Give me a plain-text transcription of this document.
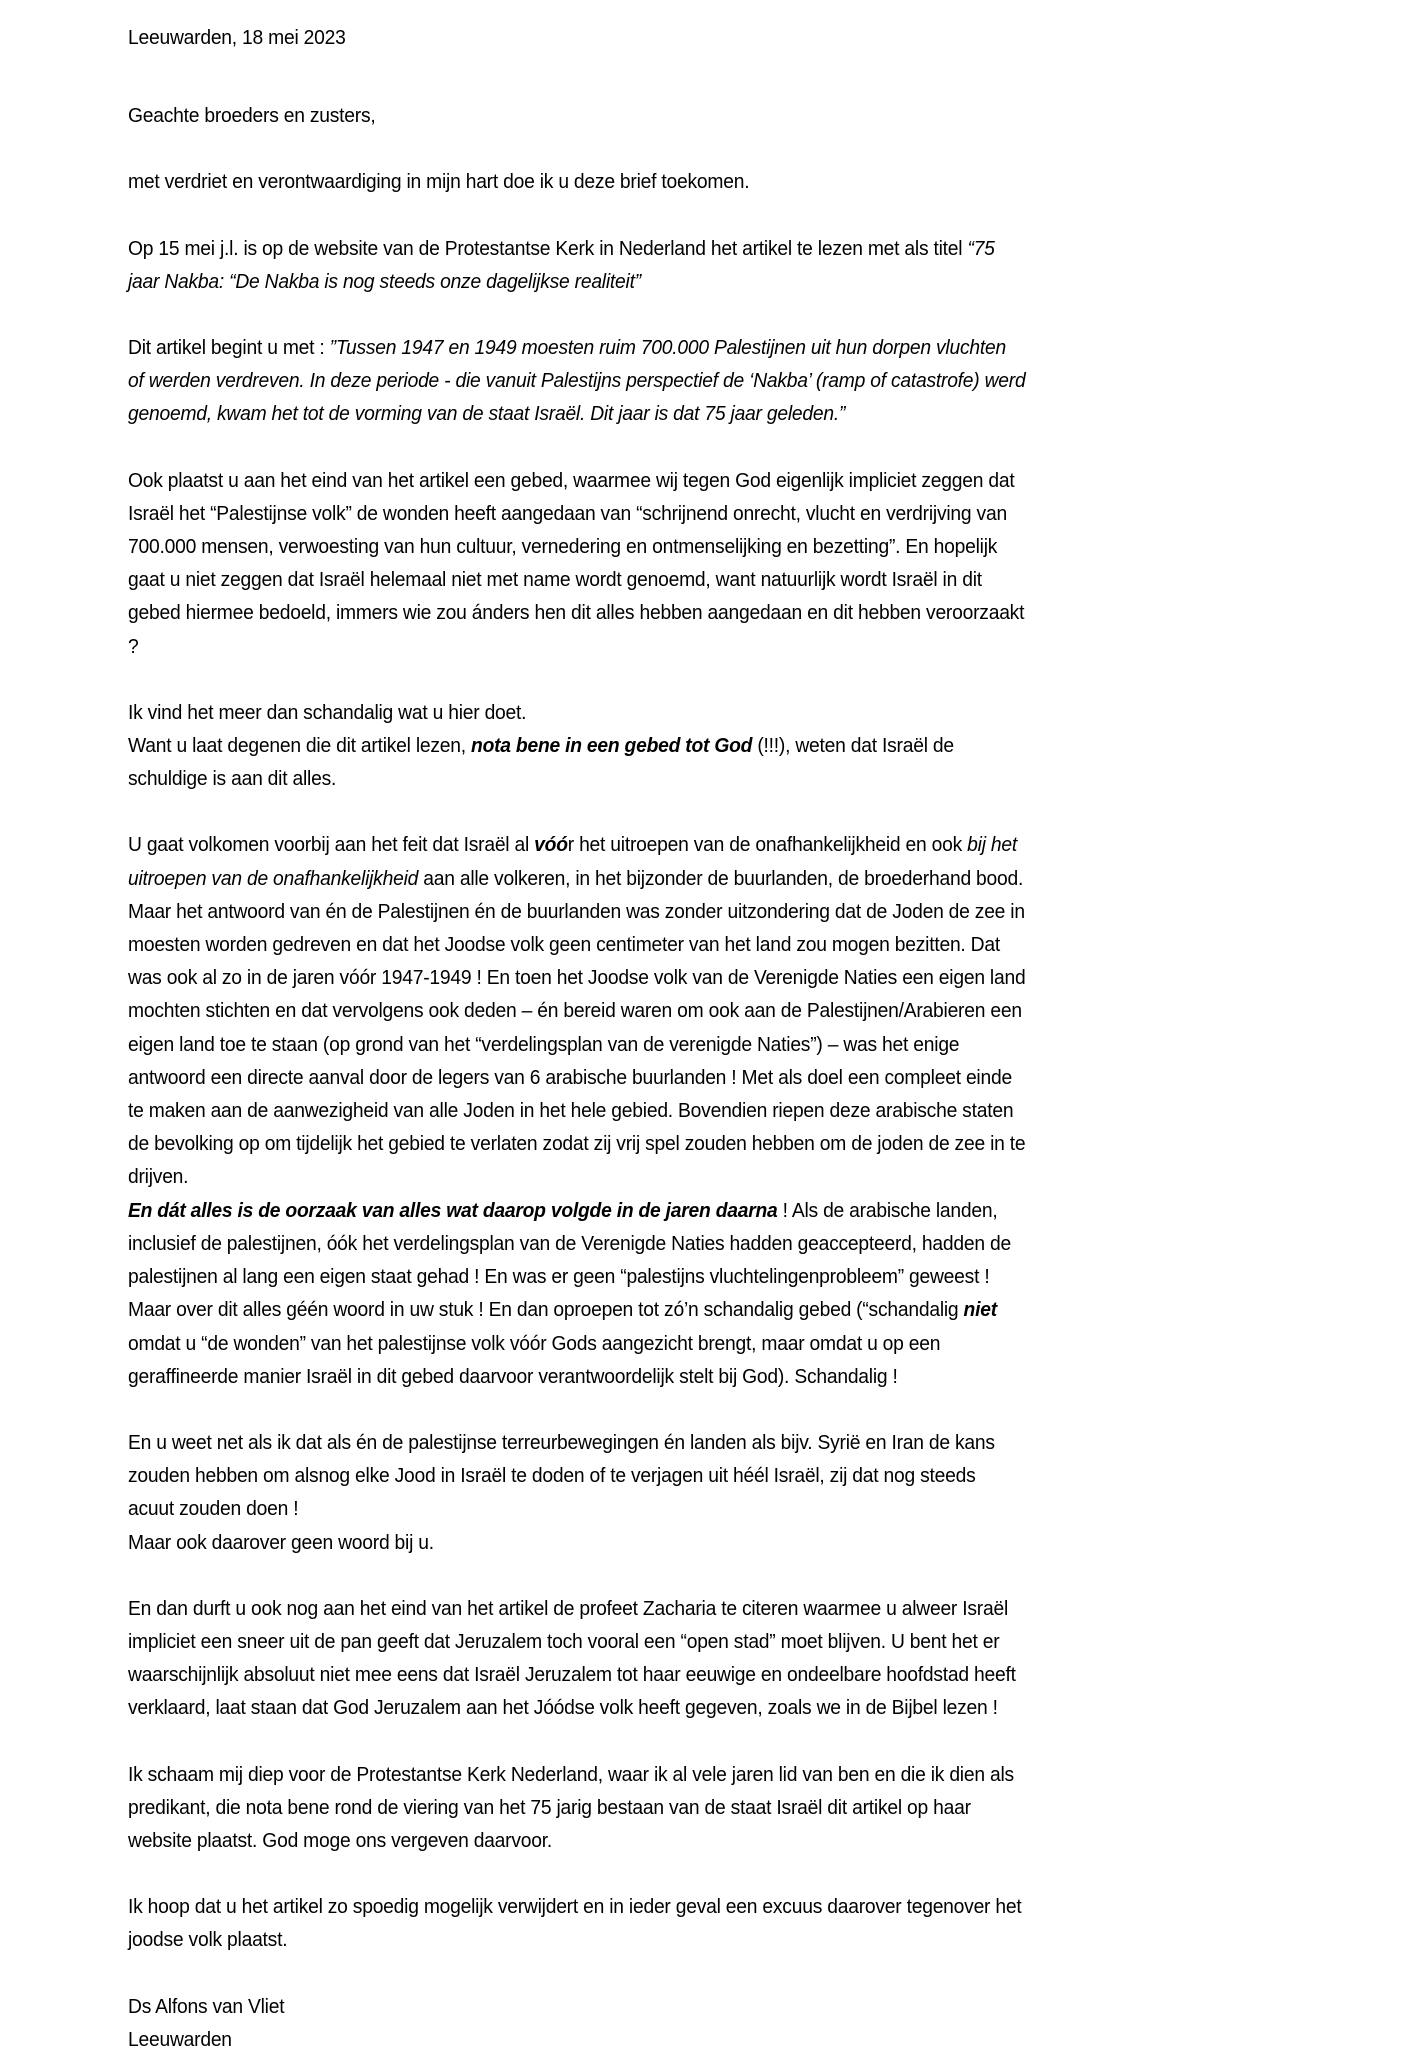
Leeuwarden, 18 mei 2023

Geachte broeders en zusters,

met verdriet en verontwaardiging in mijn hart doe ik u deze brief toekomen.

Op 15 mei j.l. is op de website van de Protestantse Kerk in Nederland het artikel te lezen met als titel “75 jaar Nakba: “De Nakba is nog steeds onze dagelijkse realiteit”

Dit artikel begint u met : ”Tussen 1947 en 1949 moesten ruim 700.000 Palestijnen uit hun dorpen vluchten of werden verdreven. In deze periode - die vanuit Palestijns perspectief de ‘Nakba’ (ramp of catastrofe) werd genoemd, kwam het tot de vorming van de staat Israël. Dit jaar is dat 75 jaar geleden.”

Ook plaatst u aan het eind van het artikel een gebed, waarmee wij tegen God eigenlijk impliciet zeggen dat Israël het “Palestijnse volk” de wonden heeft aangedaan van “schrijnend onrecht, vlucht en verdrijving van 700.000 mensen, verwoesting van hun cultuur, vernedering en ontmenselijking en bezetting”. En hopelijk gaat u niet zeggen dat Israël helemaal niet met name wordt genoemd, want natuurlijk wordt Israël in dit gebed hiermee bedoeld, immers wie zou ánders hen dit alles hebben aangedaan en dit hebben veroorzaakt ?

Ik vind het meer dan schandalig wat u hier doet.

Want u laat degenen die dit artikel lezen, nota bene in een gebed tot God (!!!), weten dat Israël de schuldige is aan dit alles.

U gaat volkomen voorbij aan het feit dat Israël al vóór het uitroepen van de onafhankelijkheid en ook bij het uitroepen van de onafhankelijkheid aan alle volkeren, in het bijzonder de buurlanden, de broederhand bood. Maar het antwoord van én de Palestijnen én de buurlanden was zonder uitzondering dat de Joden de zee in moesten worden gedreven en dat het Joodse volk geen centimeter van het land zou mogen bezitten. Dat was ook al zo in de jaren vóór 1947-1949 ! En toen het Joodse volk van de Verenigde Naties een eigen land mochten stichten en dat vervolgens ook deden – én bereid waren om ook aan de Palestijnen/Arabieren een eigen land toe te staan (op grond van het “verdelingsplan van de verenigde Naties”) – was het enige antwoord een directe aanval door de legers van 6 arabische buurlanden ! Met als doel een compleet einde te maken aan de aanwezigheid van alle Joden in het hele gebied. Bovendien riepen deze arabische staten de bevolking op om tijdelijk het gebied te verlaten zodat zij vrij spel zouden hebben om de joden de zee in te drijven.

En dát alles is de oorzaak van alles wat daarop volgde in de jaren daarna ! Als de arabische landen, inclusief de palestijnen, óók het verdelingsplan van de Verenigde Naties hadden geaccepteerd, hadden de palestijnen al lang een eigen staat gehad ! En was er geen “palestijns vluchtelingenprobleem” geweest !

Maar over dit alles géén woord in uw stuk ! En dan oproepen tot zó’n schandalig gebed (“schandalig niet omdat u “de wonden” van het palestijnse volk vóór Gods aangezicht brengt, maar omdat u op een geraffineerde manier Israël in dit gebed daarvoor verantwoordelijk stelt bij God). Schandalig !

En u weet net als ik dat als én de palestijnse terreurbewegingen én landen als bijv. Syrië en Iran de kans zouden hebben om alsnog elke Jood in Israël te doden of te verjagen uit héél Israël, zij dat nog steeds acuut zouden doen !

Maar ook daarover geen woord bij u.

En dan durft u ook nog aan het eind van het artikel de profeet Zacharia te citeren waarmee u alweer Israël impliciet een sneer uit de pan geeft dat Jeruzalem toch vooral een “open stad” moet blijven. U bent het er waarschijnlijk absoluut niet mee eens dat Israël Jeruzalem tot haar eeuwige en ondeelbare hoofdstad heeft verklaard, laat staan dat God Jeruzalem aan het Jóódse volk heeft gegeven, zoals we in de Bijbel lezen !

Ik schaam mij diep voor de Protestantse Kerk Nederland, waar ik al vele jaren lid van ben en die ik dien als predikant, die nota bene rond de viering van het 75 jarig bestaan van de staat Israël dit artikel op haar website plaatst. God moge ons vergeven daarvoor.

Ik hoop dat u het artikel zo spoedig mogelijk verwijdert en in ieder geval een excuus daarover tegenover het joodse volk plaatst.

Ds Alfons van Vliet

Leeuwarden
